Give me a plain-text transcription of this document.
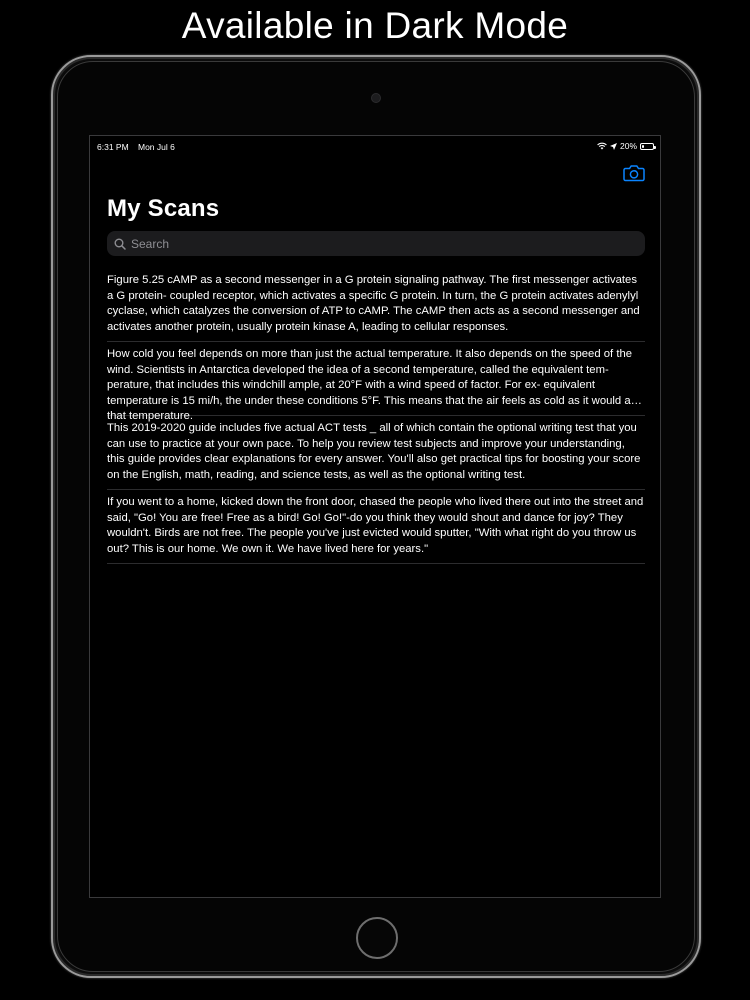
Available in Dark Mode
6:31 PM Mon Jul 6	20%
My Scans
Search
Figure 5.25 cAMP as a second messenger in a G protein signaling pathway. The first messenger activates a G protein- coupled receptor, which activates a specific G protein. In turn, the G protein activates adenylyl cyclase, which catalyzes the conversion of ATP to cAMP. The cAMP then acts as a second messenger and activates another protein, usually protein kinase A, leading to cellular responses.
How cold you feel depends on more than just the actual temperature. It also depends on the speed of the wind. Scientists in Antarctica developed the idea of a second temperature, called the equivalent tem- perature, that includes this windchill ample, at 20°F with a wind speed of factor. For ex- equivalent temperature is 15 mi/h, the under these conditions 5°F. This means that the air feels as cold as it would at that temperature.
This 2019-2020 guide includes five actual ACT tests _ all of which contain the optional writing test that you can use to practice at your own pace. To help you review test subjects and improve your understanding, this guide provides clear explanations for every answer. You'll also get practical tips for boosting your score on the English, math, reading, and science tests, as well as the optional writing test.
If you went to a home, kicked down the front door, chased the people who lived there out into the street and said, "Go! You are free! Free as a bird! Go! Go!"-do you think they would shout and dance for joy? They wouldn't. Birds are not free. The people you've just evicted would sputter, "With what right do you throw us out? This is our home. We own it. We have lived here for years."
